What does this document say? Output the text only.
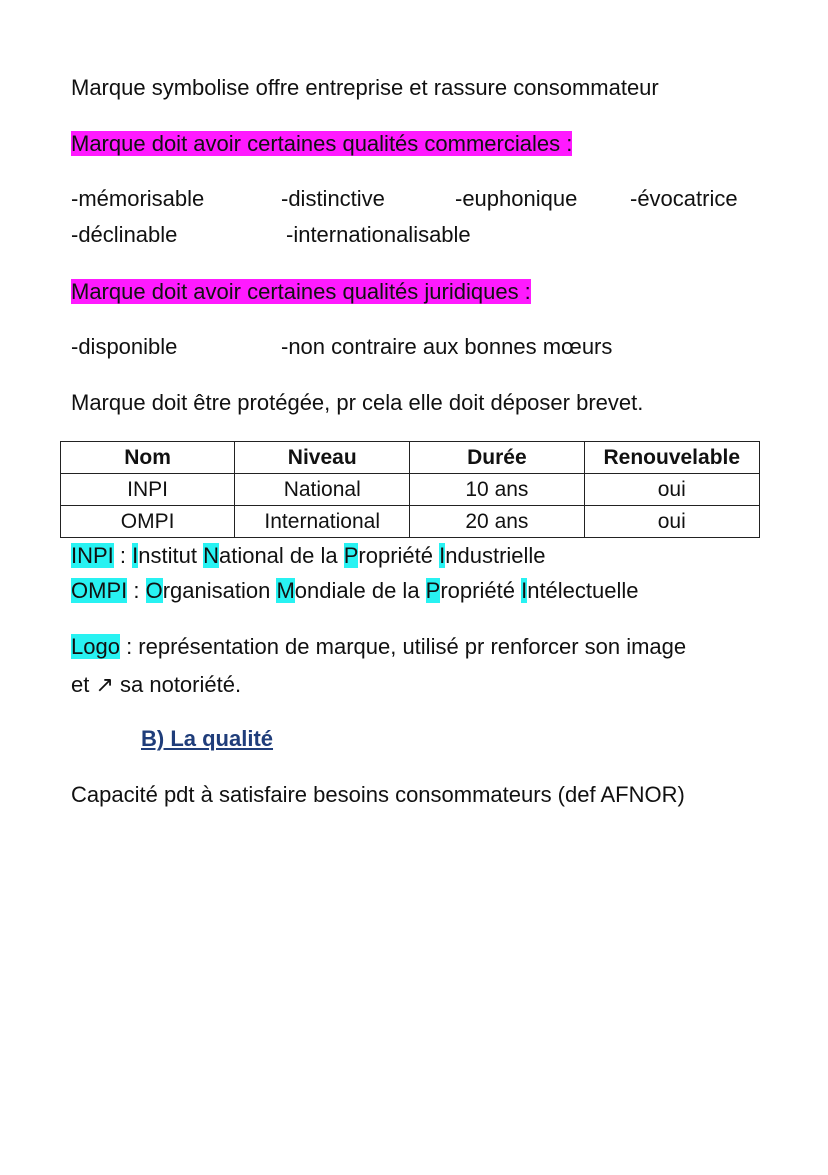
Marque symbolise offre entreprise et rassure consommateur
Marque doit avoir certaines qualités commerciales :
-mémorisable	-distinctive	-euphonique -évocatrice
-déclinable	-internationalisable
Marque doit avoir certaines qualités juridiques :
-disponible	-non contraire aux bonnes mœurs
Marque doit être protégée, pr cela elle doit déposer brevet.
Nom	Niveau	Durée	Renouvelable
INPI	National	10 ans	oui
OMPI	International	20 ans	oui
INPI : Institut National de la Propriété Industrielle
OMPI : Organisation Mondiale de la Propriété Intélectuelle
Logo : représentation de marque, utilisé pr renforcer son image
et ↗ sa notoriété.
B) La qualité
Capacité pdt à satisfaire besoins consommateurs (def AFNOR)
